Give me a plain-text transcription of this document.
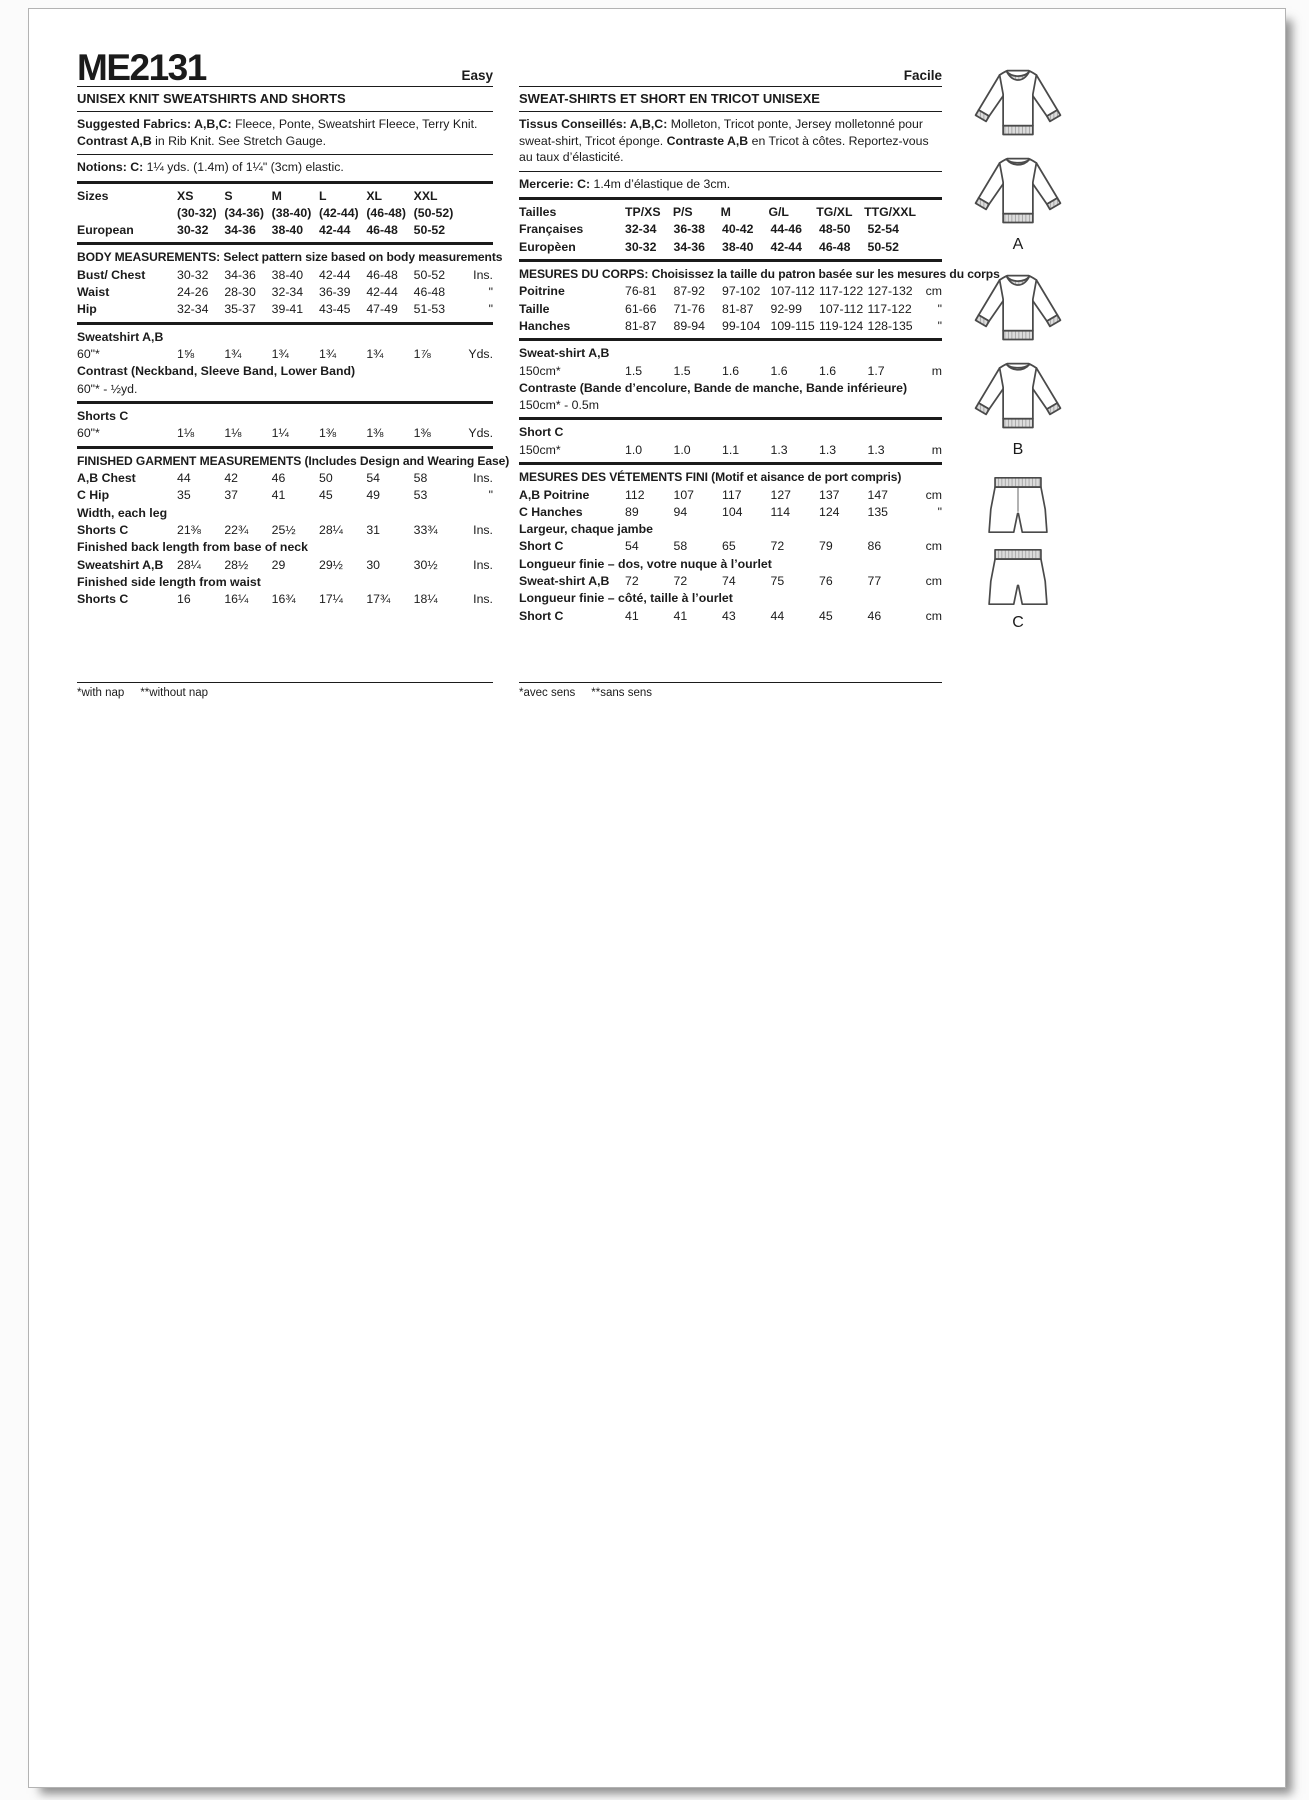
ME2131	Easy
UNISEX KNIT SWEATSHIRTS AND SHORTS
Suggested Fabrics: A,B,C: Fleece, Ponte, Sweatshirt Fleece, Terry Knit. Contrast A,B in Rib Knit. See Stretch Gauge.
Notions: C: 1¼ yds. (1.4m) of 1¼" (3cm) elastic.
Sizes	XS	S	M	L	XL	XXL
(30-32) (34-36) (38-40) (42-44) (46-48) (50-52)
European	30-32	34-36	38-40	42-44	46-48	50-52
BODY MEASUREMENTS: Select pattern size based on body measurements
Bust/ Chest	30-32	34-36	38-40	42-44	46-48	50-52	Ins.
Waist	24-26	28-30	32-34	36-39	42-44	46-48	"
Hip	32-34	35-37	39-41	43-45	47-49	51-53	"
Sweatshirt A,B
60"*	1⅝	1¾	1¾	1¾	1¾	1⅞	Yds.
Contrast (Neckband, Sleeve Band, Lower Band)
60"* - ½yd.
Shorts C
60"*	1⅛	1⅛	1¼	1⅜	1⅜	1⅜	Yds.
FINISHED GARMENT MEASUREMENTS (Includes Design and Wearing Ease)
A,B Chest	44	42	46	50	54	58	Ins.
C Hip	35	37	41	45	49	53	"
Width, each leg
Shorts C	21⅜	22¾	25½	28¼	31	33¾	Ins.
Finished back length from base of neck
Sweatshirt A,B	28¼	28½	29	29½	30	30½	Ins.
Finished side length from waist
Shorts C	16	16¼	16¾	17¼	17¾	18¼	Ins.
*with nap **without nap
Facile
SWEAT-SHIRTS ET SHORT EN TRICOT UNISEXE
Tissus Conseillés: A,B,C: Molleton, Tricot ponte, Jersey molletonné pour sweat-shirt, Tricot éponge. Contraste A,B en Tricot à côtes. Reportez-vous au taux d’élasticité.
Mercerie: C: 1.4m d’élastique de 3cm.
Tailles	TP/XS P/S	M	G/L	TG/XL TTG/XXL
Françaises	32-34	36-38	40-42	44-46	48-50	52-54
Europèen	30-32	34-36	38-40	42-44	46-48	50-52
MESURES DU CORPS: Choisissez la taille du patron basée sur les mesures du corps
Poitrine	76-81	87-92	97-102 107-112 117-122 127-132	cm
Taille	61-66	71-76	81-87	92-99	107-112 117-122	"
Hanches	81-87	89-94	99-104 109-115 119-124 128-135	"
Sweat-shirt A,B
150cm*	1.5	1.5	1.6	1.6	1.6	1.7	m
Contraste (Bande d’encolure, Bande de manche, Bande inférieure)
150cm* - 0.5m
Short C
150cm*	1.0	1.0	1.1	1.3	1.3	1.3	m
MESURES DES VÉTEMENTS FINI (Motif et aisance de port compris)
A,B Poitrine	112	107	117	127	137	147	cm
C Hanches	89	94	104	114	124	135	"
Largeur, chaque jambe
Short C	54	58	65	72	79	86	cm
Longueur finie – dos, votre nuque à l’ourlet
Sweat-shirt A,B	72	72	74	75	76	77	cm
Longueur finie – côté, taille à l’ourlet
Short C	41	41	43	44	45	46	cm
*avec sens **sans sens
A
B
C
